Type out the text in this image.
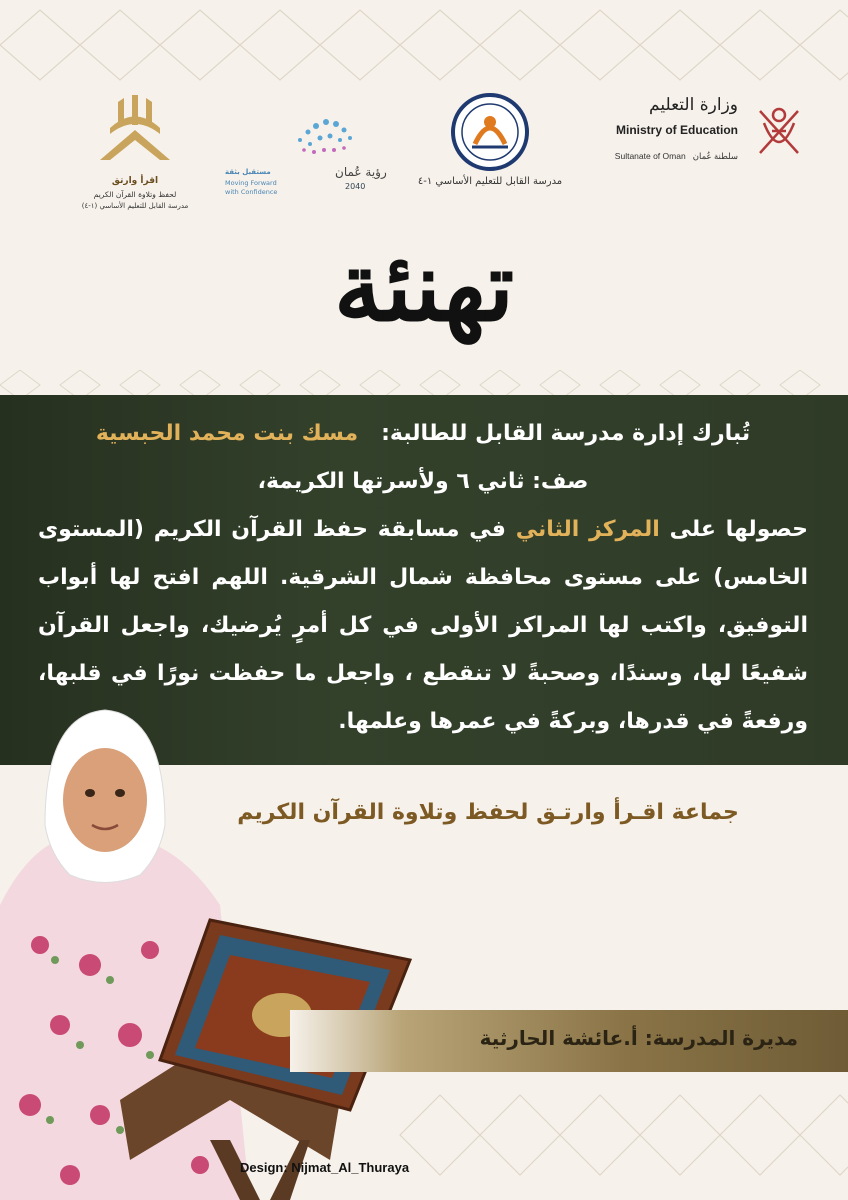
وزارة التعليم
Ministry of Education
Sultanate of Oman سلطنة عُمان
مدرسة القابل للتعليم الأساسي ١-٤
رؤية عُمان
2040
مستقبل بثقة
Moving Forward
with Confidence
اقرأ وارتق
لحفظ وتلاوة القرآن الكريم
مدرسة القابل للتعليم الأساسي (١-٤)
تهنئة
تُبارك إدارة مدرسة القابل للطالبة:   مسك بنت محمد الحبسية
صف: ثاني ٦ ولأسرتها الكريمة،
حصولها على المركز الثاني في مسابقة حفظ القرآن الكريم (المستوى الخامس) على مستوى محافظة شمال الشرقية. اللهم افتح لها أبواب التوفيق، واكتب لها المراكز الأولى في كل أمرٍ يُرضيك، واجعل القرآن شفيعًا لها، وسندًا، وصحبةً لا تنقطع ، واجعل ما حفظت نورًا في قلبها، ورفعةً في قدرها، وبركةً في عمرها وعلمها.
جماعة اقـرأ وارتـق لحفظ وتلاوة القرآن الكريم
مديرة المدرسة: أ.عائشة الحارثية
Design: Nijmat_Al_Thuraya
